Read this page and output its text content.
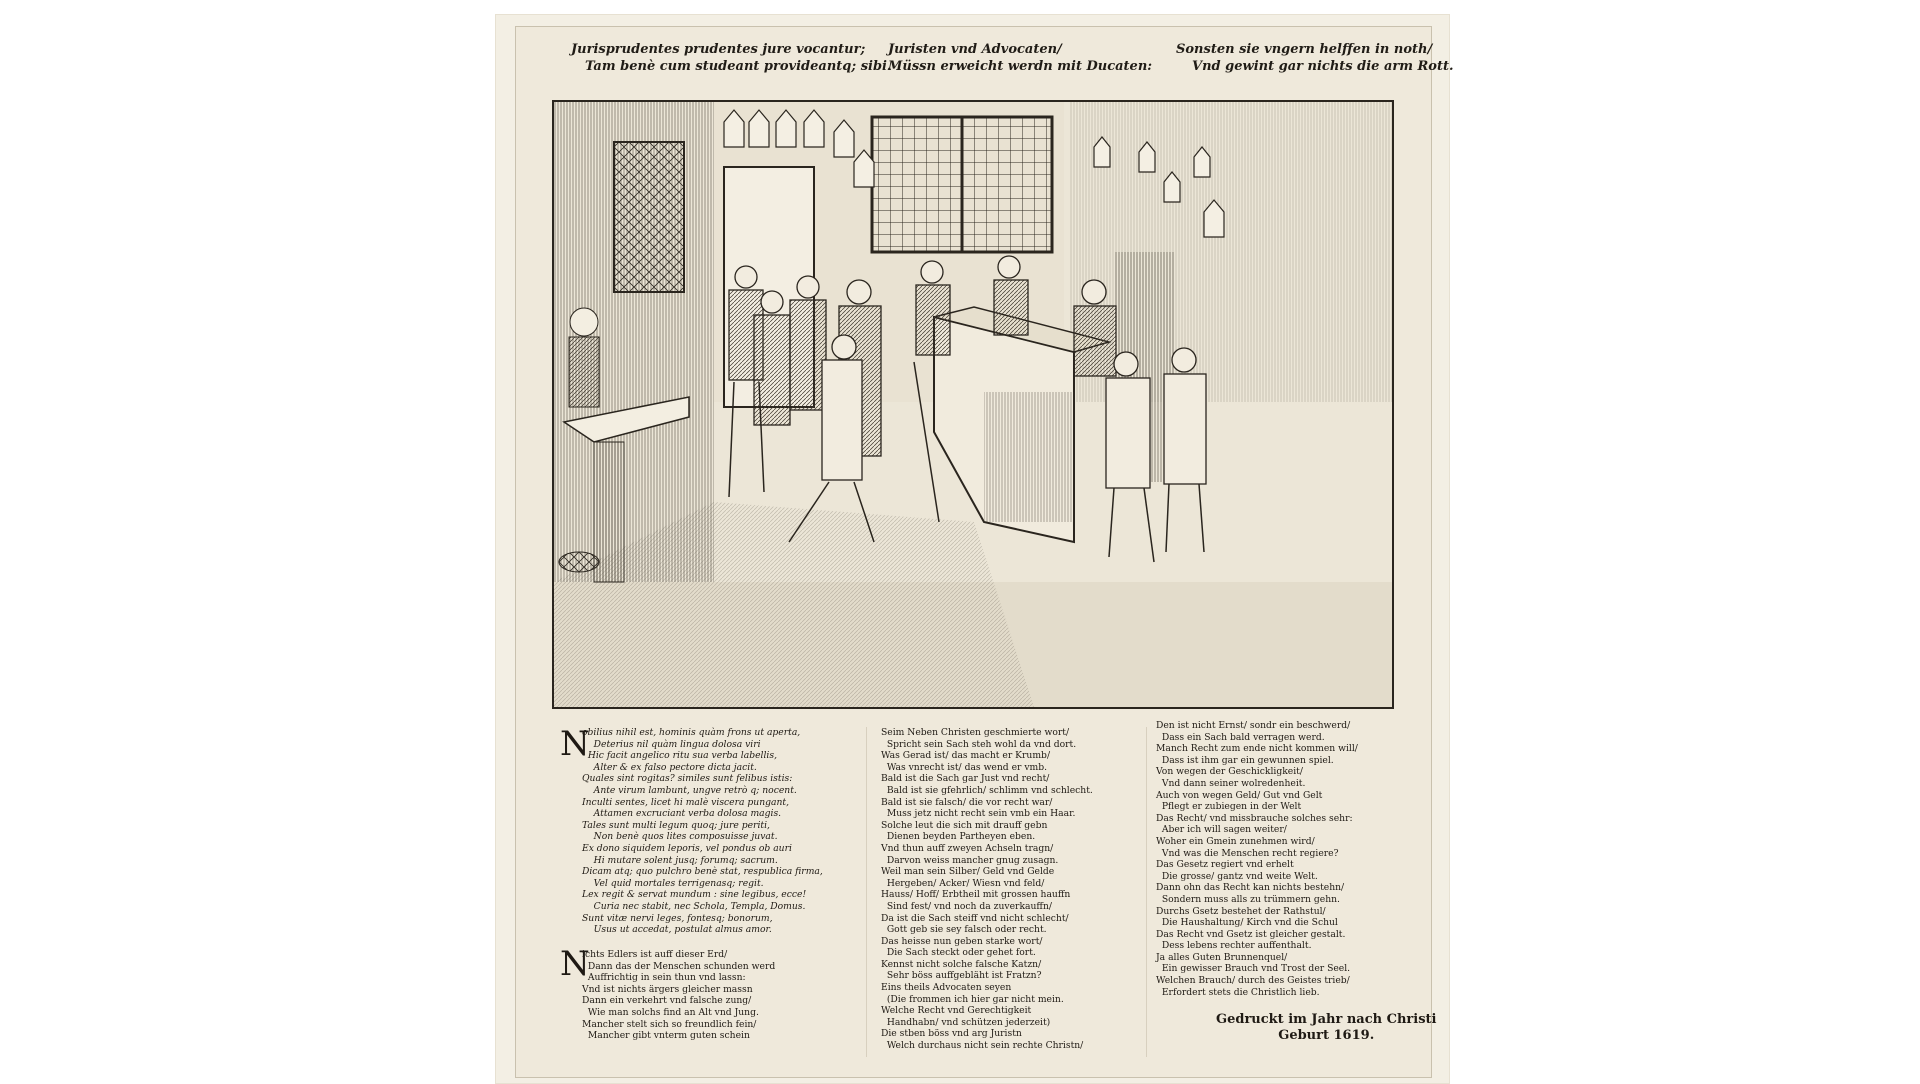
Jurisprudentes prudentes jure vocantur;
Tam benè cum studeant provideantq; sibi.
Juristen vnd Advocaten/
Müssn erweicht werdn mit Ducaten:
Sonsten sie vngern helffen in noth/
Vnd gewint gar nichts die arm Rott.
N
obilius nihil est, hominis quàm frons ut aperta,
Deterius nil quàm lingua dolosa viri
Hic facit angelico ritu sua verba labellis,
Alter & ex falso pectore dicta jacit.
Quales sint rogitas? similes sunt felibus istis:
Ante virum lambunt, ungve retrò q; nocent.
Inculti sentes, licet hi malè viscera pungant,
Attamen excruciant verba dolosa magis.
Tales sunt multi legum quoq; jure periti,
Non benè quos lites composuisse juvat.
Ex dono siquidem leporis, vel pondus ob auri
Hi mutare solent jusq; forumq; sacrum.
Dicam atq; quo pulchro benè stat, respublica firma,
Vel quid mortales terrigenasq; regit.
Lex regit & servat mundum : sine legibus, ecce!
Curia nec stabit, nec Schola, Templa, Domus.
Sunt vitæ nervi leges, fontesq; bonorum,
Usus ut accedat, postulat almus amor.
N
ichts Edlers ist auff dieser Erd/
Dann das der Menschen schunden werd
Auffrichtig in sein thun vnd lassn:
Vnd ist nichts ärgers gleicher massn
Dann ein verkehrt vnd falsche zung/
Wie man solchs find an Alt vnd Jung.
Mancher stelt sich so freundlich fein/
Mancher gibt vnterm guten schein
Seim Neben Christen geschmierte wort/
Spricht sein Sach steh wohl da vnd dort.
Was Gerad ist/ das macht er Krumb/
Was vnrecht ist/ das wend er vmb.
Bald ist die Sach gar Just vnd recht/
Bald ist sie gfehrlich/ schlimm vnd schlecht.
Bald ist sie falsch/ die vor recht war/
Muss jetz nicht recht sein vmb ein Haar.
Solche leut die sich mit drauff gebn
Dienen beyden Partheyen eben.
Vnd thun auff zweyen Achseln tragn/
Darvon weiss mancher gnug zusagn.
Weil man sein Silber/ Geld vnd Gelde
Hergeben/ Acker/ Wiesn vnd feld/
Hauss/ Hoff/ Erbtheil mit grossen hauffn
Sind fest/ vnd noch da zuverkauffn/
Da ist die Sach steiff vnd nicht schlecht/
Gott geb sie sey falsch oder recht.
Das heisse nun geben starke wort/
Die Sach steckt oder gehet fort.
Kennst nicht solche falsche Katzn/
Sehr böss auffgebläht ist Fratzn?
Eins theils Advocaten seyen
(Die frommen ich hier gar nicht mein.
Welche Recht vnd Gerechtigkeit
Handhabn/ vnd schützen jederzeit)
Die stben böss vnd arg Juristn
Welch durchaus nicht sein rechte Christn/
Den ist nicht Ernst/ sondr ein beschwerd/
Dass ein Sach bald verragen werd.
Manch Recht zum ende nicht kommen will/
Dass ist ihm gar ein gewunnen spiel.
Von wegen der Geschickligkeit/
Vnd dann seiner wolredenheit.
Auch von wegen Geld/ Gut vnd Gelt
Pflegt er zubiegen in der Welt
Das Recht/ vnd missbrauche solches sehr:
Aber ich will sagen weiter/
Woher ein Gmein zunehmen wird/
Vnd was die Menschen recht regiere?
Das Gesetz regiert vnd erhelt
Die grosse/ gantz vnd weite Welt.
Dann ohn das Recht kan nichts bestehn/
Sondern muss alls zu trümmern gehn.
Durchs Gsetz bestehet der Rathstul/
Die Haushaltung/ Kirch vnd die Schul
Das Recht vnd Gsetz ist gleicher gestalt.
Dess lebens rechter auffenthalt.
Ja alles Guten Brunnenquel/
Ein gewisser Brauch vnd Trost der Seel.
Welchen Brauch/ durch des Geistes trieb/
Erfordert stets die Christlich lieb.
Gedruckt im Jahr nach Christi
Geburt 1619.
